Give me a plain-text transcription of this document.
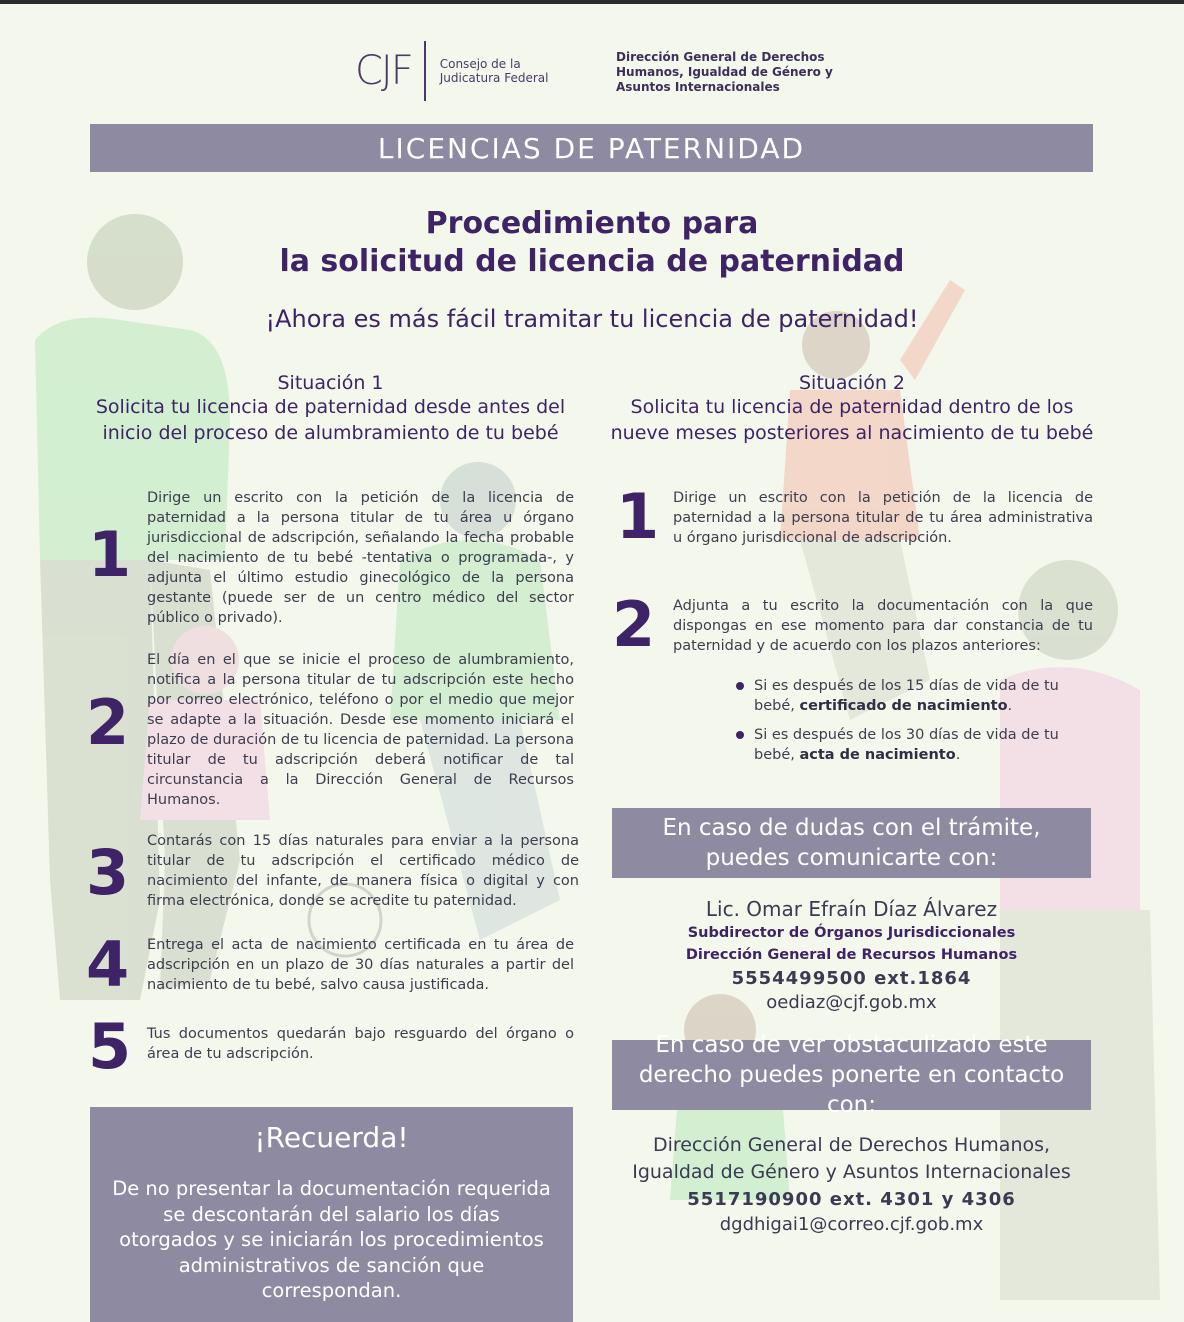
CJF Consejo de la Judicatura Federal
Dirección General de Derechos Humanos, Igualdad de Género y Asuntos Internacionales
LICENCIAS DE PATERNIDAD
Procedimiento para
la solicitud de licencia de paternidad
¡Ahora es más fácil tramitar tu licencia de paternidad!
Situación 1
Solicita tu licencia de paternidad desde antes del inicio del proceso de alumbramiento de tu bebé
1
Dirige un escrito con la petición de la licencia de paternidad a la persona titular de tu área u órgano jurisdiccional de adscripción, señalando la fecha probable del nacimiento de tu bebé -tentativa o programada-, y adjunta el último estudio ginecológico de la persona gestante (puede ser de un centro médico del sector público o privado).
2
El día en el que se inicie el proceso de alumbramiento, notifica a la persona titular de tu adscripción este hecho por correo electrónico, teléfono o por el medio que mejor se adapte a la situación. Desde ese momento iniciará el plazo de duración de tu licencia de paternidad. La persona titular de tu adscripción deberá notificar de tal circunstancia a la Dirección General de Recursos Humanos.
3 Contarás con 15 días naturales para enviar a la persona titular de tu adscripción el certificado médico de nacimiento del infante, de manera física o digital y con firma electrónica, donde se acredite tu paternidad.
4 Entrega el acta de nacimiento certificada en tu área de adscripción en un plazo de 30 días naturales a partir del nacimiento de tu bebé, salvo causa justificada.
5 Tus documentos quedarán bajo resguardo del órgano o área de tu adscripción.
Situación 2
Solicita tu licencia de paternidad dentro de los nueve meses posteriores al nacimiento de tu bebé
1 Dirige un escrito con la petición de la licencia de paternidad a la persona titular de tu área administrativa u órgano jurisdiccional de adscripción.
2 Adjunta a tu escrito la documentación con la que dispongas en ese momento para dar constancia de tu paternidad y de acuerdo con los plazos anteriores:
Si es después de los 15 días de vida de tu bebé, certificado de nacimiento.
Si es después de los 30 días de vida de tu bebé, acta de nacimiento.
En caso de dudas con el trámite, puedes comunicarte con:
Lic. Omar Efraín Díaz Álvarez
Subdirector de Órganos Jurisdiccionales
Dirección General de Recursos Humanos
5554499500 ext.1864
oediaz@cjf.gob.mx
En caso de ver obstaculizado este derecho puedes ponerte en contacto con:
Dirección General de Derechos Humanos,
Igualdad de Género y Asuntos Internacionales
5517190900 ext. 4301 y 4306
dgdhigai1@correo.cjf.gob.mx
¡Recuerda!
De no presentar la documentación requerida se descontarán del salario los días otorgados y se iniciarán los procedimientos administrativos de sanción que correspondan.
